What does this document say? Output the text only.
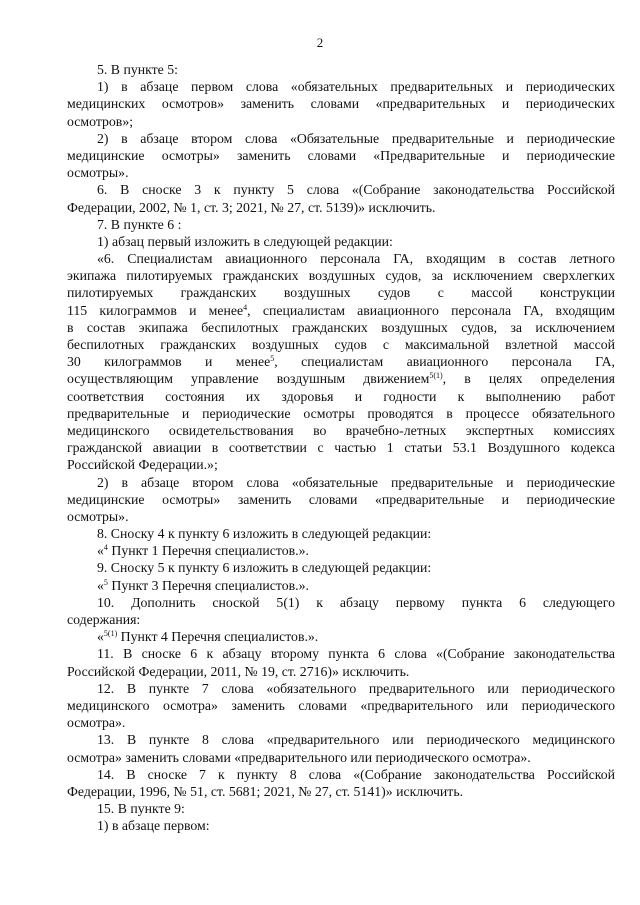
2
5. В пункте 5:
1) в абзаце первом слова «обязательных предварительных и периодических
медицинских осмотров» заменить словами «предварительных и периодических
осмотров»;
2) в абзаце втором слова «Обязательные предварительные и периодические
медицинские осмотры» заменить словами «Предварительные и периодические
осмотры».
6. В сноске 3 к пункту 5 слова «(Собрание законодательства Российской
Федерации, 2002, № 1, ст. 3; 2021, № 27, ст. 5139)» исключить.
7. В пункте 6 :
1) абзац первый изложить в следующей редакции:
«6. Специалистам авиационного персонала ГА, входящим в состав летного
экипажа пилотируемых гражданских воздушных судов, за исключением сверхлегких
пилотируемых гражданских воздушных судов с массой конструкции
115 килограммов и менее$^4$, специалистам авиационного персонала ГА, входящим
в состав экипажа беспилотных гражданских воздушных судов, за исключением
беспилотных гражданских воздушных судов с максимальной взлетной массой
30 килограммов и менее$^5$, специалистам авиационного персонала ГА,
осуществляющим управление воздушным движением$^{5(1)}$, в целях определения
соответствия состояния их здоровья и годности к выполнению работ
предварительные и периодические осмотры проводятся в процессе обязательного
медицинского освидетельствования во врачебно-летных экспертных комиссиях
гражданской авиации в соответствии с частью 1 статьи 53.1 Воздушного кодекса
Российской Федерации.»;
2) в абзаце втором слова «обязательные предварительные и периодические
медицинские осмотры» заменить словами «предварительные и периодические
осмотры».
8. Сноску 4 к пункту 6 изложить в следующей редакции:
«$^4$ Пункт 1 Перечня специалистов.».
9. Сноску 5 к пункту 6 изложить в следующей редакции:
«$^5$ Пункт 3 Перечня специалистов.».
10. Дополнить сноской 5(1) к абзацу первому пункта 6 следующего
содержания:
«$^{5(1)}$ Пункт 4 Перечня специалистов.».
11. В сноске 6 к абзацу второму пункта 6 слова «(Собрание законодательства
Российской Федерации, 2011, № 19, ст. 2716)» исключить.
12. В пункте 7 слова «обязательного предварительного или периодического
медицинского осмотра» заменить словами «предварительного или периодического
осмотра».
13. В пункте 8 слова «предварительного или периодического медицинского
осмотра» заменить словами «предварительного или периодического осмотра».
14. В сноске 7 к пункту 8 слова «(Собрание законодательства Российской
Федерации, 1996, № 51, ст. 5681; 2021, № 27, ст. 5141)» исключить.
15. В пункте 9:
1) в абзаце первом:
